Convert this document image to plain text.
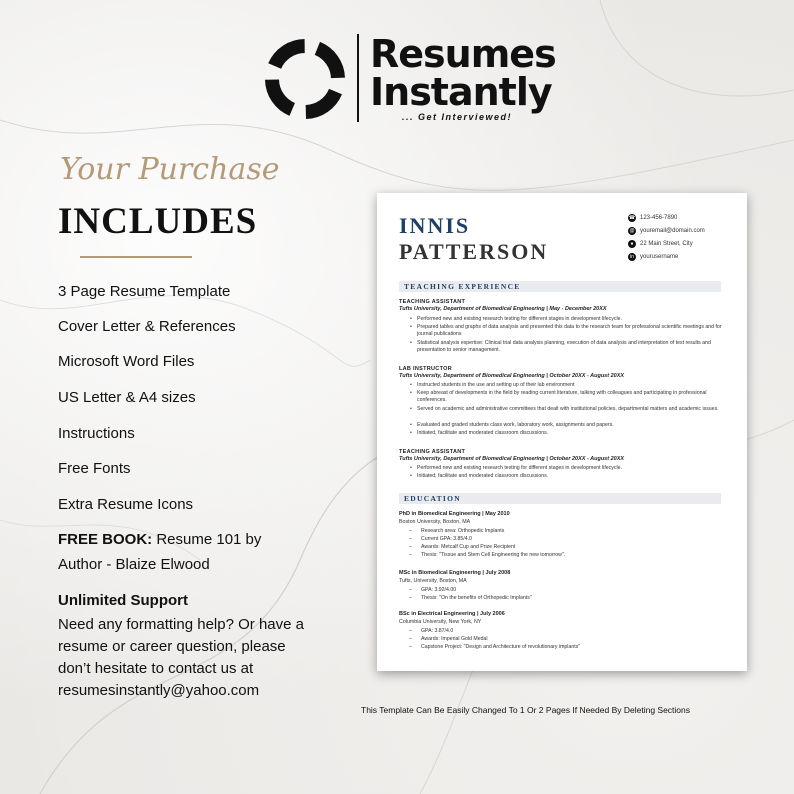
Resumes
Instantly
... Get Interviewed!
Your Purchase
INCLUDES
3 Page Resume Template
Cover Letter & References
Microsoft Word Files
US Letter & A4 sizes
Instructions
Free Fonts
Extra Resume Icons
FREE BOOK: Resume 101 by
Author - Blaize Elwood
Unlimited Support
Need any formatting help? Or have a resume or career question, please don’t hesitate to contact us at resumesinstantly@yahoo.com
INNIS
PATTERSON
☎ 123-456-7890
@ youremail@domain.com
●	22 Main Street, City
in	yourusername
TEACHING EXPERIENCE
TEACHING ASSISTANT
Tufts University, Department of Biomedical Engineering | May - December 20XX
• Performed new and existing research testing for different stages in development lifecycle.
• Prepared tables and graphs of data analysis and presented this data to the research team for professional scientific meetings and for journal publications
• Statistical analysis expertise: Clinical trial data analysis planning, execution of data analysis and interpretation of test results and presentation to senior management.
LAB INSTRUCTOR
Tufts University, Department of Biomedical Engineering | October 20XX - August 20XX
• Instructed students in the use and setting up of their lab environment
• Keep abreast of developments in the field by reading current literature, talking with colleagues and participating in professional conferences.
• Served on academic and administrative committees that dealt with institutional policies, departmental matters and academic issues.
• Evaluated and graded students class work, laboratory work, assignments and papers.
• Initiated, facilitate and moderated classroom discussions.
TEACHING ASSISTANT
Tufts University, Department of Biomedical Engineering | October 20XX - August 20XX
• Performed new and existing research testing for different stages in development lifecycle.
• Initiated, facilitate and moderated classroom discussions.
EDUCATION
PhD in Biomedical Engineering | May 2010
Boston University, Boston, MA
– Research area: Orthopedic Implants
– Current GPA: 3.85/4.0
– Awards: Metcalf Cup and Prize Recipient
– Thesis: "Tissue and Stem Cell Engineering the new tomorrow".
MSc in Biomedical Engineering | July 2008
Tufts, University, Boston, MA
– GPA: 3.92/4.00
– Thesis: "On the benefits of Orthopedic Implants"
BSc in Electrical Engineering | July 2006
Columbia University, New York, NY
– GPA: 3.87/4.0
– Awards: Imperial Gold Medal
– Capstone Project: "Design and Architecture of revolutionary implants"
This Template Can Be Easily Changed To 1 Or 2 Pages If Needed By Deleting Sections
